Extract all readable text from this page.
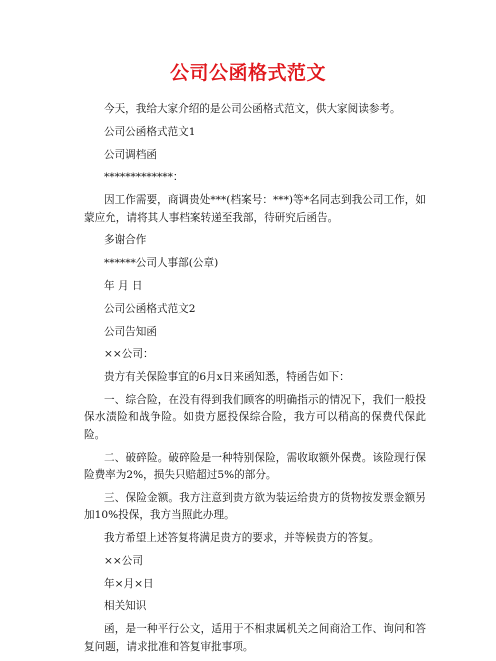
公司公函格式范文

今天，我给大家介绍的是公司公函格式范文，供大家阅读参考。

公司公函格式范文1

公司调档函

*************：

因工作需要，商调贵处***(档案号：***)等*名同志到我公司工作，如蒙应允，请将其人事档案转递至我部，待研究后函告。

多谢合作

******公司人事部(公章)

年 月 日

公司公函格式范文2

公司告知函

××公司：

贵方有关保险事宜的6月x日来函知悉，特函告如下：

一、综合险，在没有得到我们顾客的明确指示的情况下，我们一般投保水渍险和战争险。如贵方愿投保综合险，我方可以稍高的保费代保此险。

二、破碎险。破碎险是一种特别保险，需收取额外保费。该险现行保险费率为2%，损失只赔超过5%的部分。

三、保险金额。我方注意到贵方欲为装运给贵方的货物按发票金额另加10%投保，我方当照此办理。

我方希望上述答复将满足贵方的要求，并等候贵方的答复。

××公司

年×月×日

相关知识

函，是一种平行公文，适用于不相隶属机关之间商洽工作、询问和答复问题，请求批准和答复审批事项。
